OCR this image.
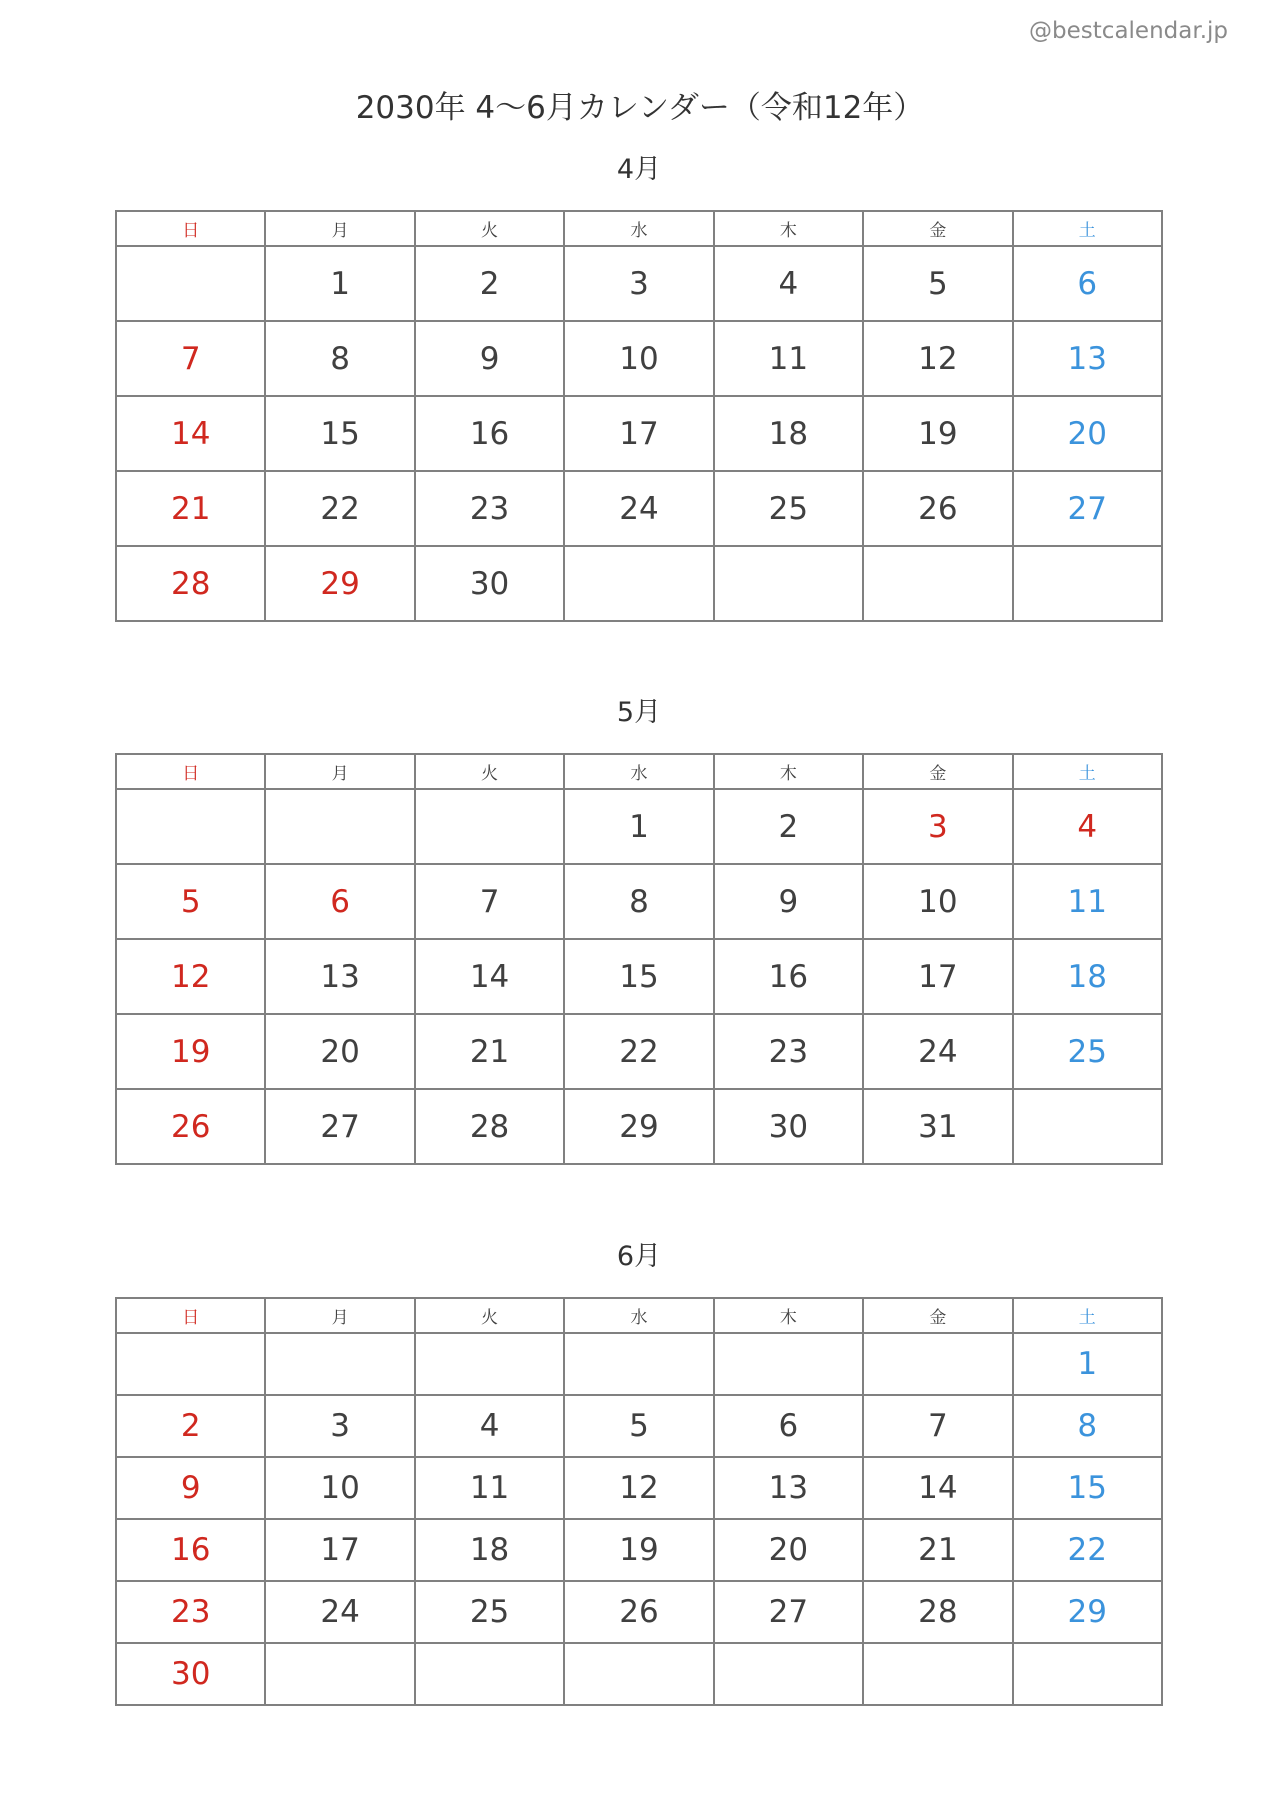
@bestcalendar.jp
2030年 4〜6月カレンダー（令和12年）
4月
日	月	火	水	木	金	土
	1	2	3	4	5	6
7	8	9	10	11	12	13
14	15	16	17	18	19	20
21	22	23	24	25	26	27
28	29	30				
5月
日	月	火	水	木	金	土
			1	2	3	4
5	6	7	8	9	10	11
12	13	14	15	16	17	18
19	20	21	22	23	24	25
26	27	28	29	30	31	
6月
日	月	火	水	木	金	土
						1
2	3	4	5	6	7	8
9	10	11	12	13	14	15
16	17	18	19	20	21	22
23	24	25	26	27	28	29
30						
